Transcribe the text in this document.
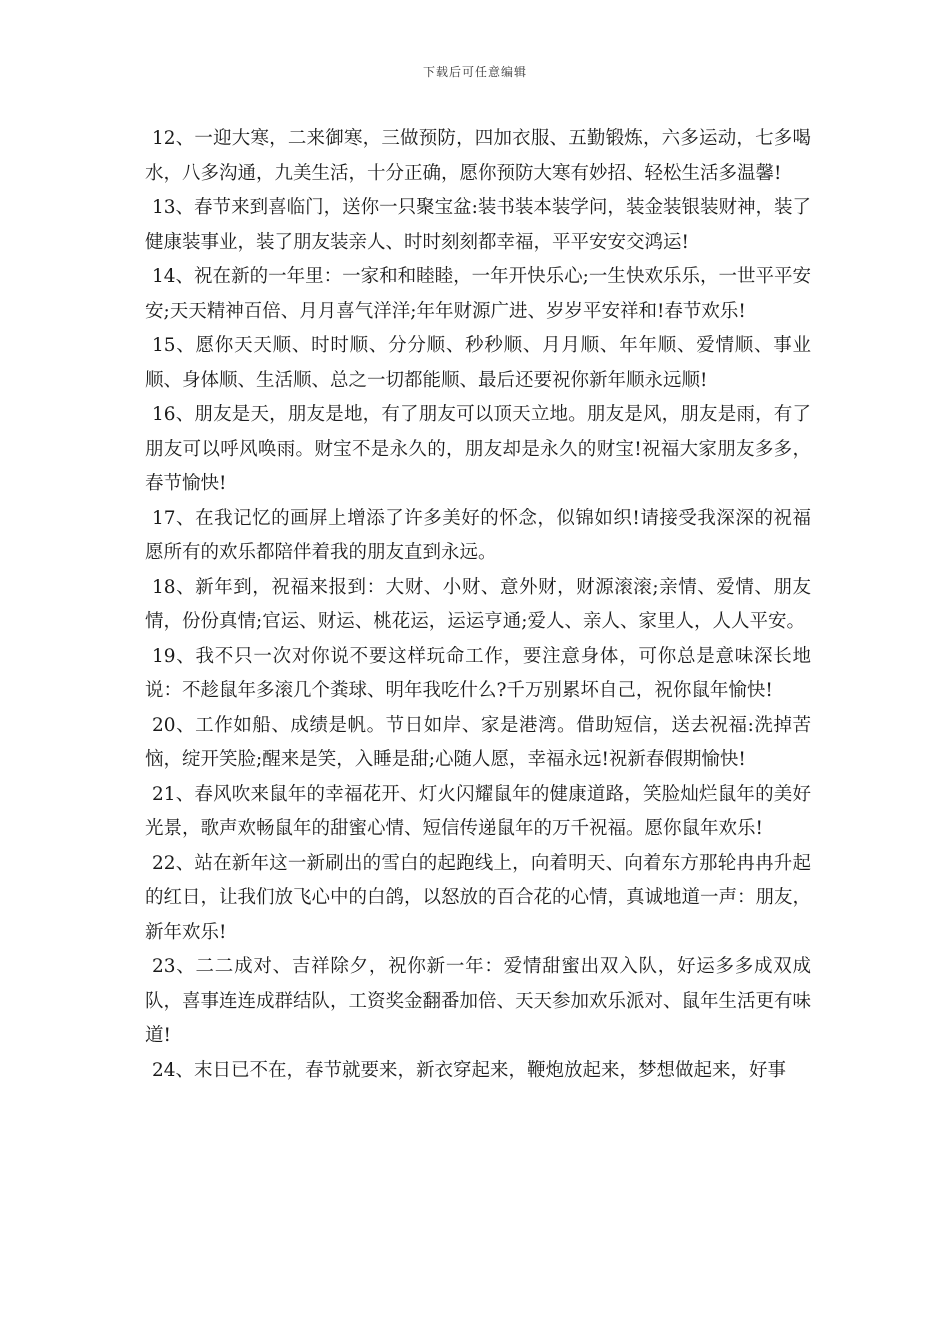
下载后可任意编辑

12、一迎大寒，二来御寒，三做预防，四加衣服、五勤锻炼，六多运动，七多喝水，八多沟通，九美生活，十分正确，愿你预防大寒有妙招、轻松生活多温馨!

13、春节来到喜临门，送你一只聚宝盆:装书装本装学问，装金装银装财神，装了健康装事业，装了朋友装亲人、时时刻刻都幸福，平平安安交鸿运!

14、祝在新的一年里：一家和和睦睦，一年开快乐心;一生快欢乐乐，一世平平安安;天天精神百倍、月月喜气洋洋;年年财源广进、岁岁平安祥和!春节欢乐!

15、愿你天天顺、时时顺、分分顺、秒秒顺、月月顺、年年顺、爱情顺、事业顺、身体顺、生活顺、总之一切都能顺、最后还要祝你新年顺永远顺!

16、朋友是天，朋友是地，有了朋友可以顶天立地。朋友是风，朋友是雨，有了朋友可以呼风唤雨。财宝不是永久的，朋友却是永久的财宝!祝福大家朋友多多，春节愉快!

17、在我记忆的画屏上增添了许多美好的怀念，似锦如织!请接受我深深的祝福愿所有的欢乐都陪伴着我的朋友直到永远。

18、新年到，祝福来报到：大财、小财、意外财，财源滚滚;亲情、爱情、朋友情，份份真情;官运、财运、桃花运，运运亨通;爱人、亲人、家里人，人人平安。

19、我不只一次对你说不要这样玩命工作，要注意身体，可你总是意味深长地说：不趁鼠年多滚几个粪球、明年我吃什么?千万别累坏自己，祝你鼠年愉快!

20、工作如船、成绩是帆。节日如岸、家是港湾。借助短信，送去祝福:洗掉苦恼，绽开笑脸;醒来是笑，入睡是甜;心随人愿，幸福永远!祝新春假期愉快!

21、春风吹来鼠年的幸福花开、灯火闪耀鼠年的健康道路，笑脸灿烂鼠年的美好光景，歌声欢畅鼠年的甜蜜心情、短信传递鼠年的万千祝福。愿你鼠年欢乐!

22、站在新年这一新刷出的雪白的起跑线上，向着明天、向着东方那轮冉冉升起的红日，让我们放飞心中的白鸽，以怒放的百合花的心情，真诚地道一声：朋友，新年欢乐!

23、二二成对、吉祥除夕，祝你新一年：爱情甜蜜出双入队，好运多多成双成队，喜事连连成群结队，工资奖金翻番加倍、天天参加欢乐派对、鼠年生活更有味道!

24、末日已不在，春节就要来，新衣穿起来，鞭炮放起来，梦想做起来，好事
